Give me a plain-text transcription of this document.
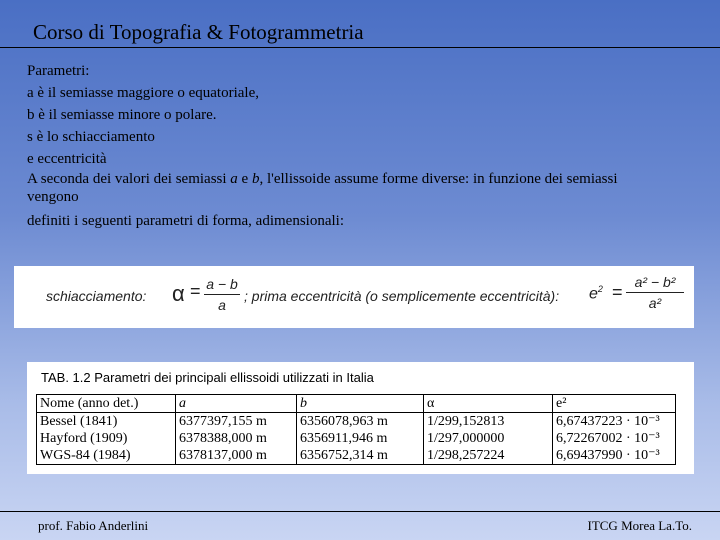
Corso di Topografia & Fotogrammetria
Parametri:
a è il semiasse maggiore o equatoriale,
b è il semiasse minore o polare.
s è lo schiacciamento
e eccentricità
A seconda dei valori dei semiassi a e b, l'ellissoide assume forme diverse: in funzione dei semiassi vengono
definiti i seguenti parametri di forma, adimensionali:
schiacciamento: α = a − b
a
; prima eccentricità (o semplicemente eccentricità): $e^2 = a^2 - b^2$
a²
TAB. 1.2 Parametri dei principali ellissoidi utilizzati in Italia
Nome (anno det.)	a	b	α	e²
Bessel (1841)	6377397,155 m	6356078,963 m	1/299,152813	6,67437223 · 10⁻³
Hayford (1909)	6378388,000 m	6356911,946 m	1/297,000000	6,72267002 · 10⁻³
WGS-84 (1984)	6378137,000 m	6356752,314 m	1/298,257224	6,69437990 · 10⁻³
prof. Fabio Anderlini	ITCG Morea La.To.
